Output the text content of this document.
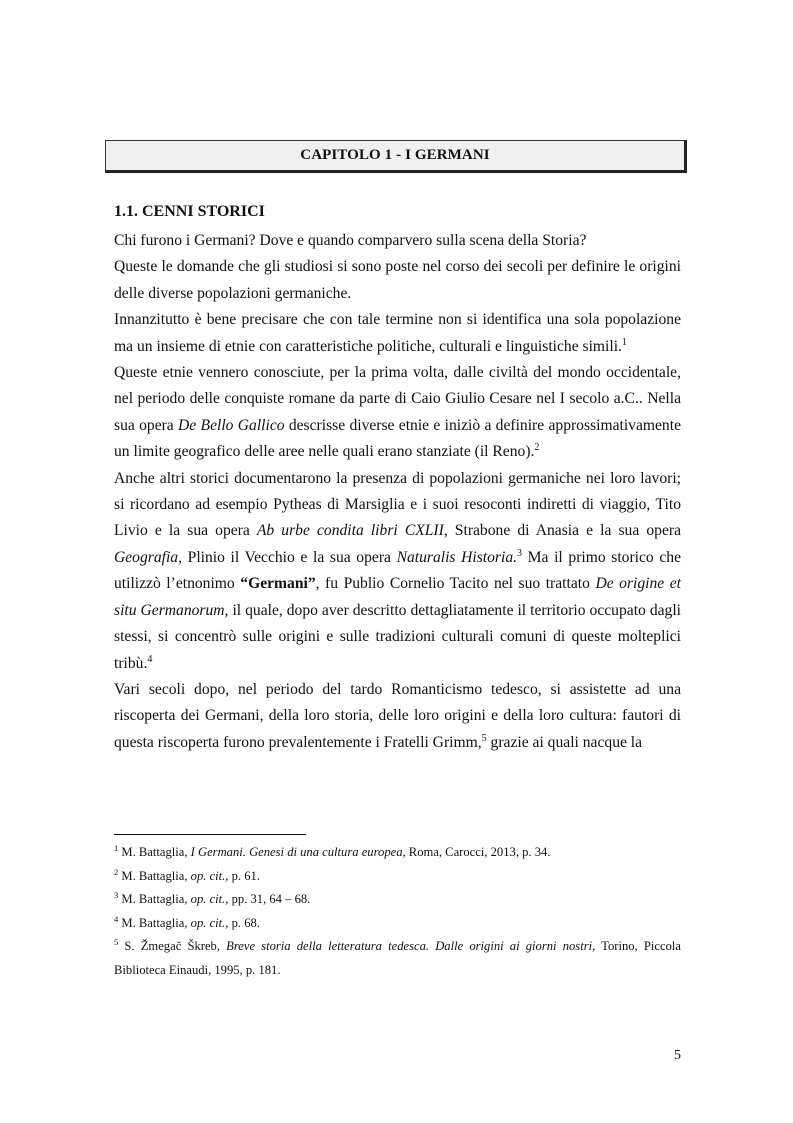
CAPITOLO 1 - I GERMANI
1.1. CENNI STORICI

Chi furono i Germani? Dove e quando comparvero sulla scena della Storia?

Queste le domande che gli studiosi si sono poste nel corso dei secoli per definire le origini delle diverse popolazioni germaniche.

Innanzitutto è bene precisare che con tale termine non si identifica una sola popolazione ma un insieme di etnie con caratteristiche politiche, culturali e linguistiche simili.$^1$

Queste etnie vennero conosciute, per la prima volta, dalle civiltà del mondo occidentale, nel periodo delle conquiste romane da parte di Caio Giulio Cesare nel I secolo a.C.. Nella sua opera De Bello Gallico descrisse diverse etnie e iniziò a definire approssimativamente un limite geografico delle aree nelle quali erano stanziate (il Reno).$^2$

Anche altri storici documentarono la presenza di popolazioni germaniche nei loro lavori; si ricordano ad esempio Pytheas di Marsiglia e i suoi resoconti indiretti di viaggio, Tito Livio e la sua opera Ab urbe condita libri CXLII, Strabone di Anasia e la sua opera Geografia, Plinio il Vecchio e la sua opera Naturalis Historia.$^3$ Ma il primo storico che utilizzò l’etnonimo “Germani”, fu Publio Cornelio Tacito nel suo trattato De origine et situ Germanorum, il quale, dopo aver descritto dettagliatamente il territorio occupato dagli stessi, si concentrò sulle origini e sulle tradizioni culturali comuni di queste molteplici tribù.$^4$

Vari secoli dopo, nel periodo del tardo Romanticismo tedesco, si assistette ad una riscoperta dei Germani, della loro storia, delle loro origini e della loro cultura: fautori di questa riscoperta furono prevalentemente i Fratelli Grimm,$^5$ grazie ai quali nacque la

$^1$ M. Battaglia, I Germani. Genesi di una cultura europea, Roma, Carocci, 2013, p. 34.

$^2$ M. Battaglia, op. cit., p. 61.

$^3$ M. Battaglia, op. cit., pp. 31, 64 – 68.

$^4$ M. Battaglia, op. cit., p. 68.

$^5$ S. Žmegač Škreb, Breve storia della letteratura tedesca. Dalle origini ai giorni nostri, Torino, Piccola Biblioteca Einaudi, 1995, p. 181.

5
